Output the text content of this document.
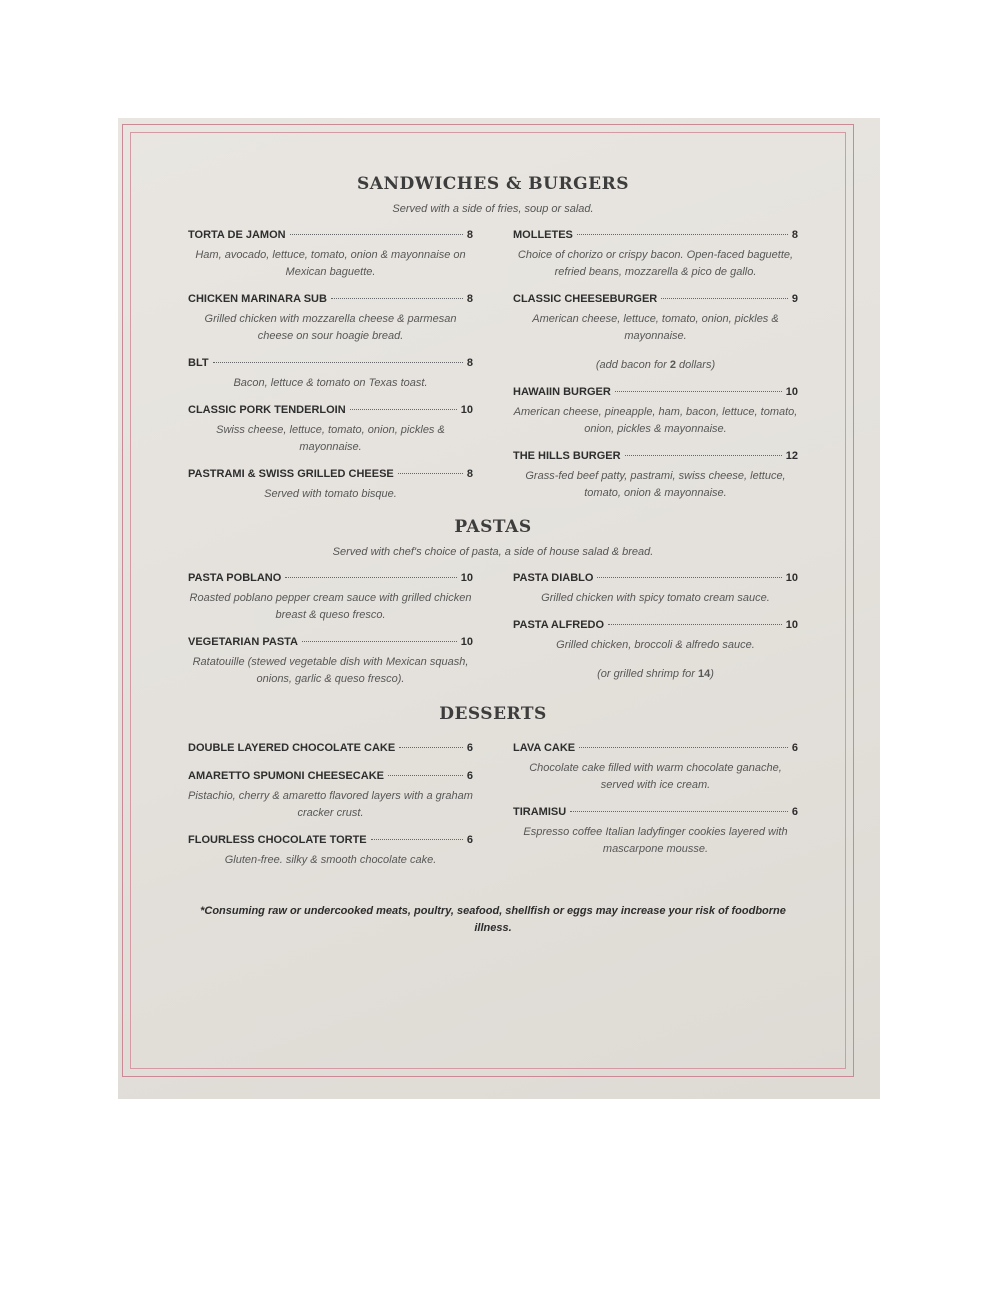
SANDWICHES & BURGERS
Served with a side of fries, soup or salad.
TORTA DE JAMON	8
Ham, avocado, lettuce, tomato, onion & mayonnaise on Mexican baguette.
CHICKEN MARINARA SUB	8
Grilled chicken with mozzarella cheese & parmesan cheese on sour hoagie bread.
BLT	8
Bacon, lettuce & tomato on Texas toast.
CLASSIC PORK TENDERLOIN	10
Swiss cheese, lettuce, tomato, onion, pickles & mayonnaise.
PASTRAMI & SWISS GRILLED CHEESE	8
Served with tomato bisque.
MOLLETES	8
Choice of chorizo or crispy bacon. Open-faced baguette, refried beans, mozzarella & pico de gallo.
CLASSIC CHEESEBURGER	9
American cheese, lettuce, tomato, onion, pickles & mayonnaise.
(add bacon for 2 dollars)
HAWAIIN BURGER	10
American cheese, pineapple, ham, bacon, lettuce, tomato, onion, pickles & mayonnaise.
THE HILLS BURGER	12
Grass-fed beef patty, pastrami, swiss cheese, lettuce, tomato, onion & mayonnaise.
PASTAS
Served with chef's choice of pasta, a side of house salad & bread.
PASTA POBLANO	10
Roasted poblano pepper cream sauce with grilled chicken breast & queso fresco.
VEGETARIAN PASTA	10
Ratatouille (stewed vegetable dish with Mexican squash, onions, garlic & queso fresco).
PASTA DIABLO	10
Grilled chicken with spicy tomato cream sauce.
PASTA ALFREDO	10
Grilled chicken, broccoli & alfredo sauce.
(or grilled shrimp for 14)
DESSERTS
DOUBLE LAYERED CHOCOLATE CAKE	6
AMARETTO SPUMONI CHEESECAKE	6
Pistachio, cherry & amaretto flavored layers with a graham cracker crust.
FLOURLESS CHOCOLATE TORTE	6
Gluten-free. silky & smooth chocolate cake.
LAVA CAKE	6
Chocolate cake filled with warm chocolate ganache, served with ice cream.
TIRAMISU	6
Espresso coffee Italian ladyfinger cookies layered with mascarpone mousse.
*Consuming raw or undercooked meats, poultry, seafood, shellfish or eggs may increase your risk of foodborne illness.
